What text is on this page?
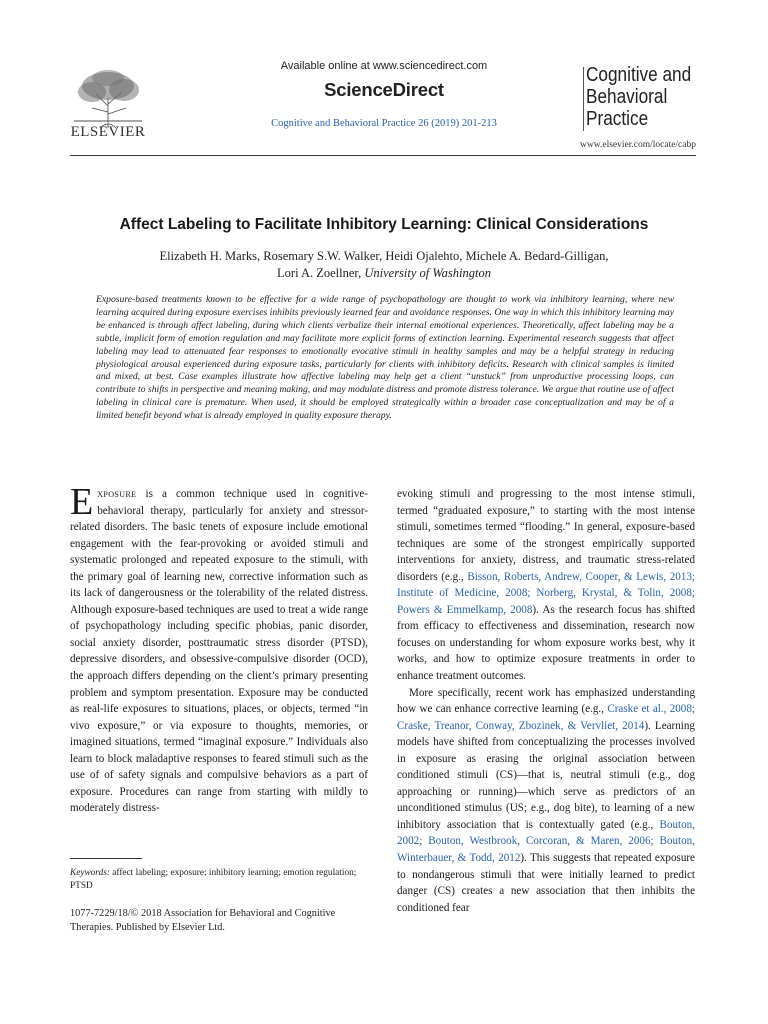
ELSEVIER
Available online at www.sciencedirect.com
ScienceDirect
Cognitive and Behavioral Practice 26 (2019) 201-213
Cognitive and
Behavioral
Practice
www.elsevier.com/locate/cabp
Affect Labeling to Facilitate Inhibitory Learning: Clinical Considerations
Elizabeth H. Marks, Rosemary S.W. Walker, Heidi Ojalehto, Michele A. Bedard-Gilligan,
Lori A. Zoellner, University of Washington
Exposure-based treatments known to be effective for a wide range of psychopathology are thought to work via inhibitory learning, where new learning acquired during exposure exercises inhibits previously learned fear and avoidance responses. One way in which this inhibitory learning may be enhanced is through affect labeling, during which clients verbalize their internal emotional experiences. Theoretically, affect labeling may be a subtle, implicit form of emotion regulation and may facilitate more explicit forms of extinction learning. Experimental research suggests that affect labeling may lead to attenuated fear responses to emotionally evocative stimuli in healthy samples and may be a helpful strategy in reducing physiological arousal experienced during exposure tasks, particularly for clients with inhibitory deficits. Research with clinical samples is limited and mixed, at best. Case examples illustrate how affective labeling may help get a client “unstuck” from unproductive processing loops, can contribute to shifts in perspective and meaning making, and may modulate distress and promote distress tolerance. We argue that routine use of affect labeling in clinical care is premature. When used, it should be employed strategically within a broader case conceptualization and may be of a limited benefit beyond what is already employed in quality exposure therapy.

Exposure is a common technique used in cognitive-behavioral therapy, particularly for anxiety and stressor-related disorders. The basic tenets of exposure include emotional engagement with the fear-provoking or avoided stimuli and systematic prolonged and repeated exposure to the stimuli, with the primary goal of learning new, corrective information such as its lack of dangerousness or the tolerability of the related distress. Although exposure-based techniques are used to treat a wide range of psychopathology including specific phobias, panic disorder, social anxiety disorder, posttraumatic stress disorder (PTSD), depressive disorders, and obsessive-compulsive disorder (OCD), the approach differs depending on the client’s primary presenting problem and symptom presentation. Exposure may be conducted as real-life exposures to situations, places, or objects, termed “in vivo exposure,” or via exposure to thoughts, memories, or imagined situations, termed “imaginal exposure.” Individuals also learn to block maladaptive responses to feared stimuli such as the use of of safety signals and compulsive behaviors as a part of exposure. Procedures can range from starting with mildly to moderately distress-

evoking stimuli and progressing to the most intense stimuli, termed “graduated exposure,” to starting with the most intense stimuli, sometimes termed “flooding.” In general, exposure-based techniques are some of the strongest empirically supported interventions for anxiety, distress, and traumatic stress-related disorders (e.g., Bisson, Roberts, Andrew, Cooper, & Lewis, 2013; Institute of Medicine, 2008; Norberg, Krystal, & Tolin, 2008; Powers & Emmelkamp, 2008). As the research focus has shifted from efficacy to effectiveness and dissemination, research now focuses on understanding for whom exposure works best, why it works, and how to optimize exposure treatments in order to enhance treatment outcomes.

More specifically, recent work has emphasized understanding how we can enhance corrective learning (e.g., Craske et al., 2008; Craske, Treanor, Conway, Zbozinek, & Vervliet, 2014). Learning models have shifted from conceptualizing the processes involved in exposure as erasing the original association between conditioned stimuli (CS)—that is, neutral stimuli (e.g., dog approaching or running)—which serve as predictors of an unconditioned stimulus (US; e.g., dog bite), to learning of a new inhibitory association that is contextually gated (e.g., Bouton, 2002; Bouton, Westbrook, Corcoran, & Maren, 2006; Bouton, Winterbauer, & Todd, 2012). This suggests that repeated exposure to nondangerous stimuli that were initially learned to predict danger (CS) creates a new association that then inhibits the conditioned fear

Keywords: affect labeling; exposure; inhibitory learning; emotion regulation; PTSD
1077-7229/18/© 2018 Association for Behavioral and Cognitive Therapies. Published by Elsevier Ltd.
